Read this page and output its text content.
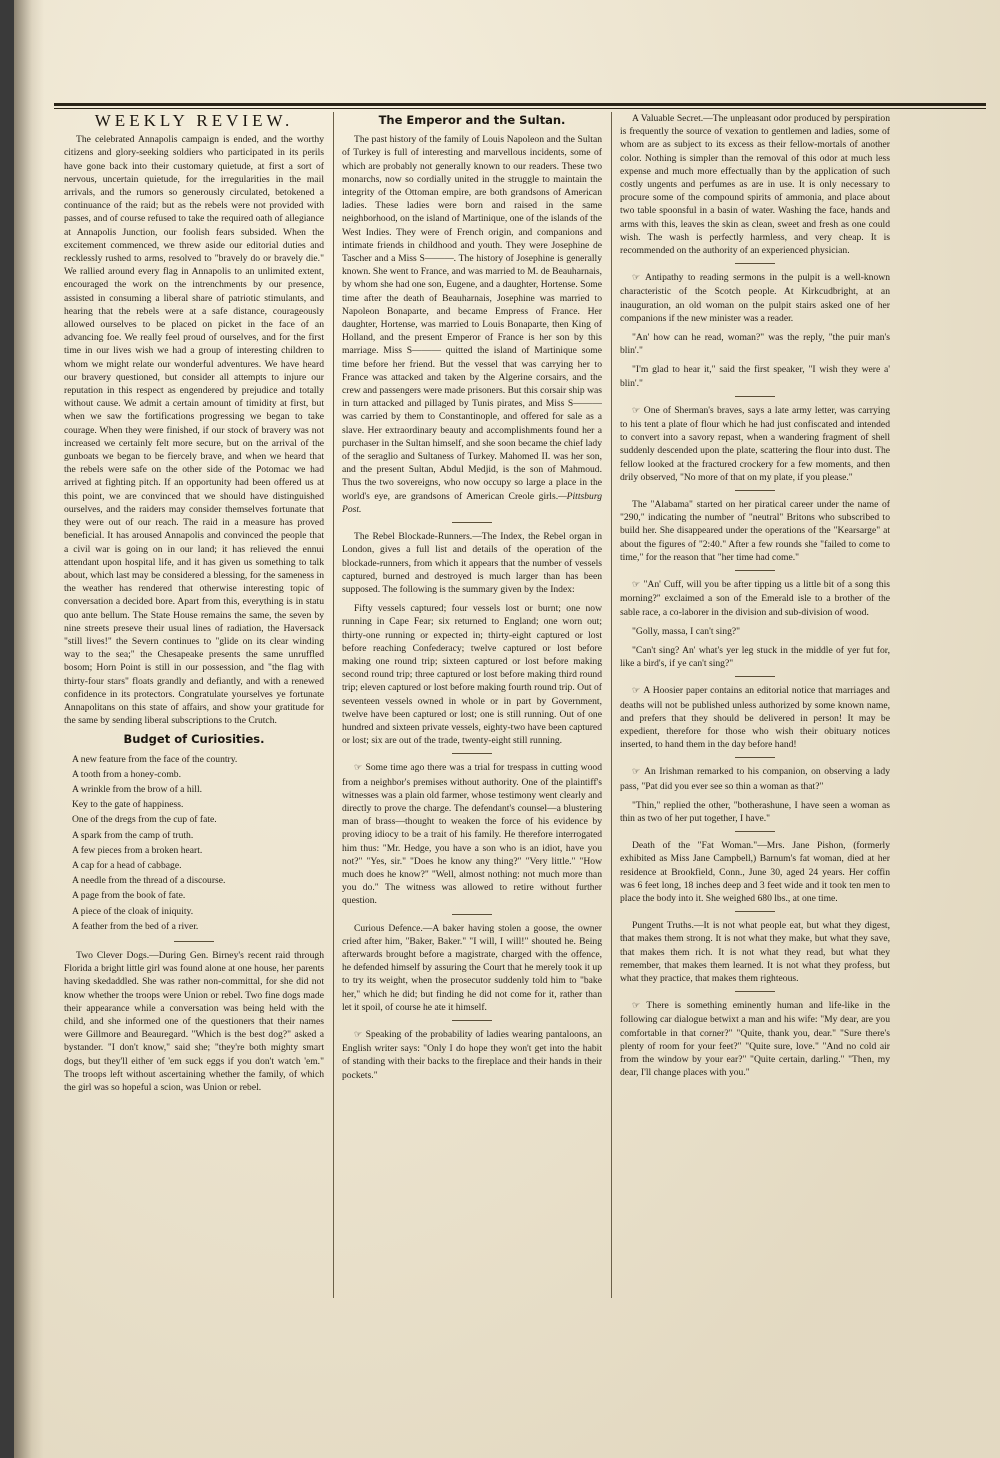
WEEKLY REVIEW.

The celebrated Annapolis campaign is ended, and the worthy citizens and glory-seeking soldiers who participated in its perils have gone back into their customary quietude, at first a sort of nervous, uncertain quietude, for the irregularities in the mail arrivals, and the rumors so generously circulated, betokened a continuance of the raid; but as the rebels were not provided with passes, and of course refused to take the required oath of allegiance at Annapolis Junction, our foolish fears subsided. When the excitement commenced, we threw aside our editorial duties and recklessly rushed to arms, resolved to "bravely do or bravely die." We rallied around every flag in Annapolis to an unlimited extent, encouraged the work on the intrenchments by our presence, assisted in consuming a liberal share of patriotic stimulants, and hearing that the rebels were at a safe distance, courageously allowed ourselves to be placed on picket in the face of an advancing foe. We really feel proud of ourselves, and for the first time in our lives wish we had a group of interesting children to whom we might relate our wonderful adventures. We have heard our bravery questioned, but consider all attempts to injure our reputation in this respect as engendered by prejudice and totally without cause. We admit a certain amount of timidity at first, but when we saw the fortifications progressing we began to take courage. When they were finished, if our stock of bravery was not increased we certainly felt more secure, but on the arrival of the gunboats we began to be fiercely brave, and when we heard that the rebels were safe on the other side of the Potomac we had arrived at fighting pitch. If an opportunity had been offered us at this point, we are convinced that we should have distinguished ourselves, and the raiders may consider themselves fortunate that they were out of our reach. The raid in a measure has proved beneficial. It has aroused Annapolis and convinced the people that a civil war is going on in our land; it has relieved the ennui attendant upon hospital life, and it has given us something to talk about, which last may be considered a blessing, for the sameness in the weather has rendered that otherwise interesting topic of conversation a decided bore. Apart from this, everything is in statu quo ante bellum. The State House remains the same, the seven by nine streets preseve their usual lines of radiation, the Haversack "still lives!" the Severn continues to "glide on its clear winding way to the sea;" the Chesapeake presents the same unruffled bosom; Horn Point is still in our possession, and "the flag with thirty-four stars" floats grandly and defiantly, and with a renewed confidence in its protectors. Congratulate yourselves ye fortunate Annapolitans on this state of affairs, and show your gratitude for the same by sending liberal subscriptions to the Crutch.

Budget of Curiosities.

A new feature from the face of the country.

A tooth from a honey-comb.

A wrinkle from the brow of a hill.

Key to the gate of happiness.

One of the dregs from the cup of fate.

A spark from the camp of truth.

A few pieces from a broken heart.

A cap for a head of cabbage.

A needle from the thread of a discourse.

A page from the book of fate.

A piece of the cloak of iniquity.

A feather from the bed of a river.

Two Clever Dogs.—During Gen. Birney's recent raid through Florida a bright little girl was found alone at one house, her parents having skedaddled. She was rather non-committal, for she did not know whether the troops were Union or rebel. Two fine dogs made their appearance while a conversation was being held with the child, and she informed one of the questioners that their names were Gillmore and Beauregard. "Which is the best dog?" asked a bystander. "I don't know," said she; "they're both mighty smart dogs, but they'll either of 'em suck eggs if you don't watch 'em." The troops left without ascertaining whether the family, of which the girl was so hopeful a scion, was Union or rebel.

The Emperor and the Sultan.

The past history of the family of Louis Napoleon and the Sultan of Turkey is full of interesting and marvellous incidents, some of which are probably not generally known to our readers. These two monarchs, now so cordially united in the struggle to maintain the integrity of the Ottoman empire, are both grandsons of American ladies. These ladies were born and raised in the same neighborhood, on the island of Martinique, one of the islands of the West Indies. They were of French origin, and companions and intimate friends in childhood and youth. They were Josephine de Tascher and a Miss S———. The history of Josephine is generally known. She went to France, and was married to M. de Beauharnais, by whom she had one son, Eugene, and a daughter, Hortense. Some time after the death of Beauharnais, Josephine was married to Napoleon Bonaparte, and became Empress of France. Her daughter, Hortense, was married to Louis Bonaparte, then King of Holland, and the present Emperor of France is her son by this marriage. Miss S——— quitted the island of Martinique some time before her friend. But the vessel that was carrying her to France was attacked and taken by the Algerine corsairs, and the crew and passengers were made prisoners. But this corsair ship was in turn attacked and pillaged by Tunis pirates, and Miss S——— was carried by them to Constantinople, and offered for sale as a slave. Her extraordinary beauty and accomplishments found her a purchaser in the Sultan himself, and she soon became the chief lady of the seraglio and Sultaness of Turkey. Mahomed II. was her son, and the present Sultan, Abdul Medjid, is the son of Mahmoud. Thus the two sovereigns, who now occupy so large a place in the world's eye, are grandsons of American Creole girls.—Pittsburg Post.

The Rebel Blockade-Runners.—The Index, the Rebel organ in London, gives a full list and details of the operation of the blockade-runners, from which it appears that the number of vessels captured, burned and destroyed is much larger than has been supposed. The following is the summary given by the Index:

Fifty vessels captured; four vessels lost or burnt; one now running in Cape Fear; six returned to England; one worn out; thirty-one running or expected in; thirty-eight captured or lost before reaching Confederacy; twelve captured or lost before making one round trip; sixteen captured or lost before making second round trip; three captured or lost before making third round trip; eleven captured or lost before making fourth round trip. Out of seventeen vessels owned in whole or in part by Government, twelve have been captured or lost; one is still running. Out of one hundred and sixteen private vessels, eighty-two have been captured or lost; six are out of the trade, twenty-eight still running.

☞ Some time ago there was a trial for trespass in cutting wood from a neighbor's premises without authority. One of the plaintiff's witnesses was a plain old farmer, whose testimony went clearly and directly to prove the charge. The defendant's counsel—a blustering man of brass—thought to weaken the force of his evidence by proving idiocy to be a trait of his family. He therefore interrogated him thus: "Mr. Hedge, you have a son who is an idiot, have you not?" "Yes, sir." "Does he know any thing?" "Very little." "How much does he know?" "Well, almost nothing: not much more than you do." The witness was allowed to retire without further question.

Curious Defence.—A baker having stolen a goose, the owner cried after him, "Baker, Baker." "I will, I will!" shouted he. Being afterwards brought before a magistrate, charged with the offence, he defended himself by assuring the Court that he merely took it up to try its weight, when the prosecutor suddenly told him to "bake her," which he did; but finding he did not come for it, rather than let it spoil, of course he ate it himself.

☞ Speaking of the probability of ladies wearing pantaloons, an English writer says: "Only I do hope they won't get into the habit of standing with their backs to the fireplace and their hands in their pockets."

A Valuable Secret.—The unpleasant odor produced by perspiration is frequently the source of vexation to gentlemen and ladies, some of whom are as subject to its excess as their fellow-mortals of another color. Nothing is simpler than the removal of this odor at much less expense and much more effectually than by the application of such costly ungents and perfumes as are in use. It is only necessary to procure some of the compound spirits of ammonia, and place about two table spoonsful in a basin of water. Washing the face, hands and arms with this, leaves the skin as clean, sweet and fresh as one could wish. The wash is perfectly harmless, and very cheap. It is recommended on the authority of an experienced physician.

☞ Antipathy to reading sermons in the pulpit is a well-known characteristic of the Scotch people. At Kirkcudbright, at an inauguration, an old woman on the pulpit stairs asked one of her companions if the new minister was a reader.

"An' how can he read, woman?" was the reply, "the puir man's blin'."

"I'm glad to hear it," said the first speaker, "I wish they were a' blin'."

☞ One of Sherman's braves, says a late army letter, was carrying to his tent a plate of flour which he had just confiscated and intended to convert into a savory repast, when a wandering fragment of shell suddenly descended upon the plate, scattering the flour into dust. The fellow looked at the fractured crockery for a few moments, and then drily observed, "No more of that on my plate, if you please."

The "Alabama" started on her piratical career under the name of "290," indicating the number of "neutral" Britons who subscribed to build her. She disappeared under the operations of the "Kearsarge" at about the figures of "2:40." After a few rounds she "failed to come to time," for the reason that "her time had come."

☞ "An' Cuff, will you be after tipping us a little bit of a song this morning?" exclaimed a son of the Emerald isle to a brother of the sable race, a co-laborer in the division and sub-division of wood.

"Golly, massa, I can't sing?"

"Can't sing? An' what's yer leg stuck in the middle of yer fut for, like a bird's, if ye can't sing?"

☞ A Hoosier paper contains an editorial notice that marriages and deaths will not be published unless authorized by some known name, and prefers that they should be delivered in person! It may be expedient, therefore for those who wish their obituary notices inserted, to hand them in the day before hand!

☞ An Irishman remarked to his companion, on observing a lady pass, "Pat did you ever see so thin a woman as that?"

"Thin," replied the other, "botherashune, I have seen a woman as thin as two of her put together, I have."

Death of the "Fat Woman."—Mrs. Jane Pishon, (formerly exhibited as Miss Jane Campbell,) Barnum's fat woman, died at her residence at Brookfield, Conn., June 30, aged 24 years. Her coffin was 6 feet long, 18 inches deep and 3 feet wide and it took ten men to place the body into it. She weighed 680 lbs., at one time.

Pungent Truths.—It is not what people eat, but what they digest, that makes them strong. It is not what they make, but what they save, that makes them rich. It is not what they read, but what they remember, that makes them learned. It is not what they profess, but what they practice, that makes them righteous.

☞ There is something eminently human and life-like in the following car dialogue betwixt a man and his wife: "My dear, are you comfortable in that corner?" "Quite, thank you, dear." "Sure there's plenty of room for your feet?" "Quite sure, love." "And no cold air from the window by your ear?" "Quite certain, darling." "Then, my dear, I'll change places with you."
